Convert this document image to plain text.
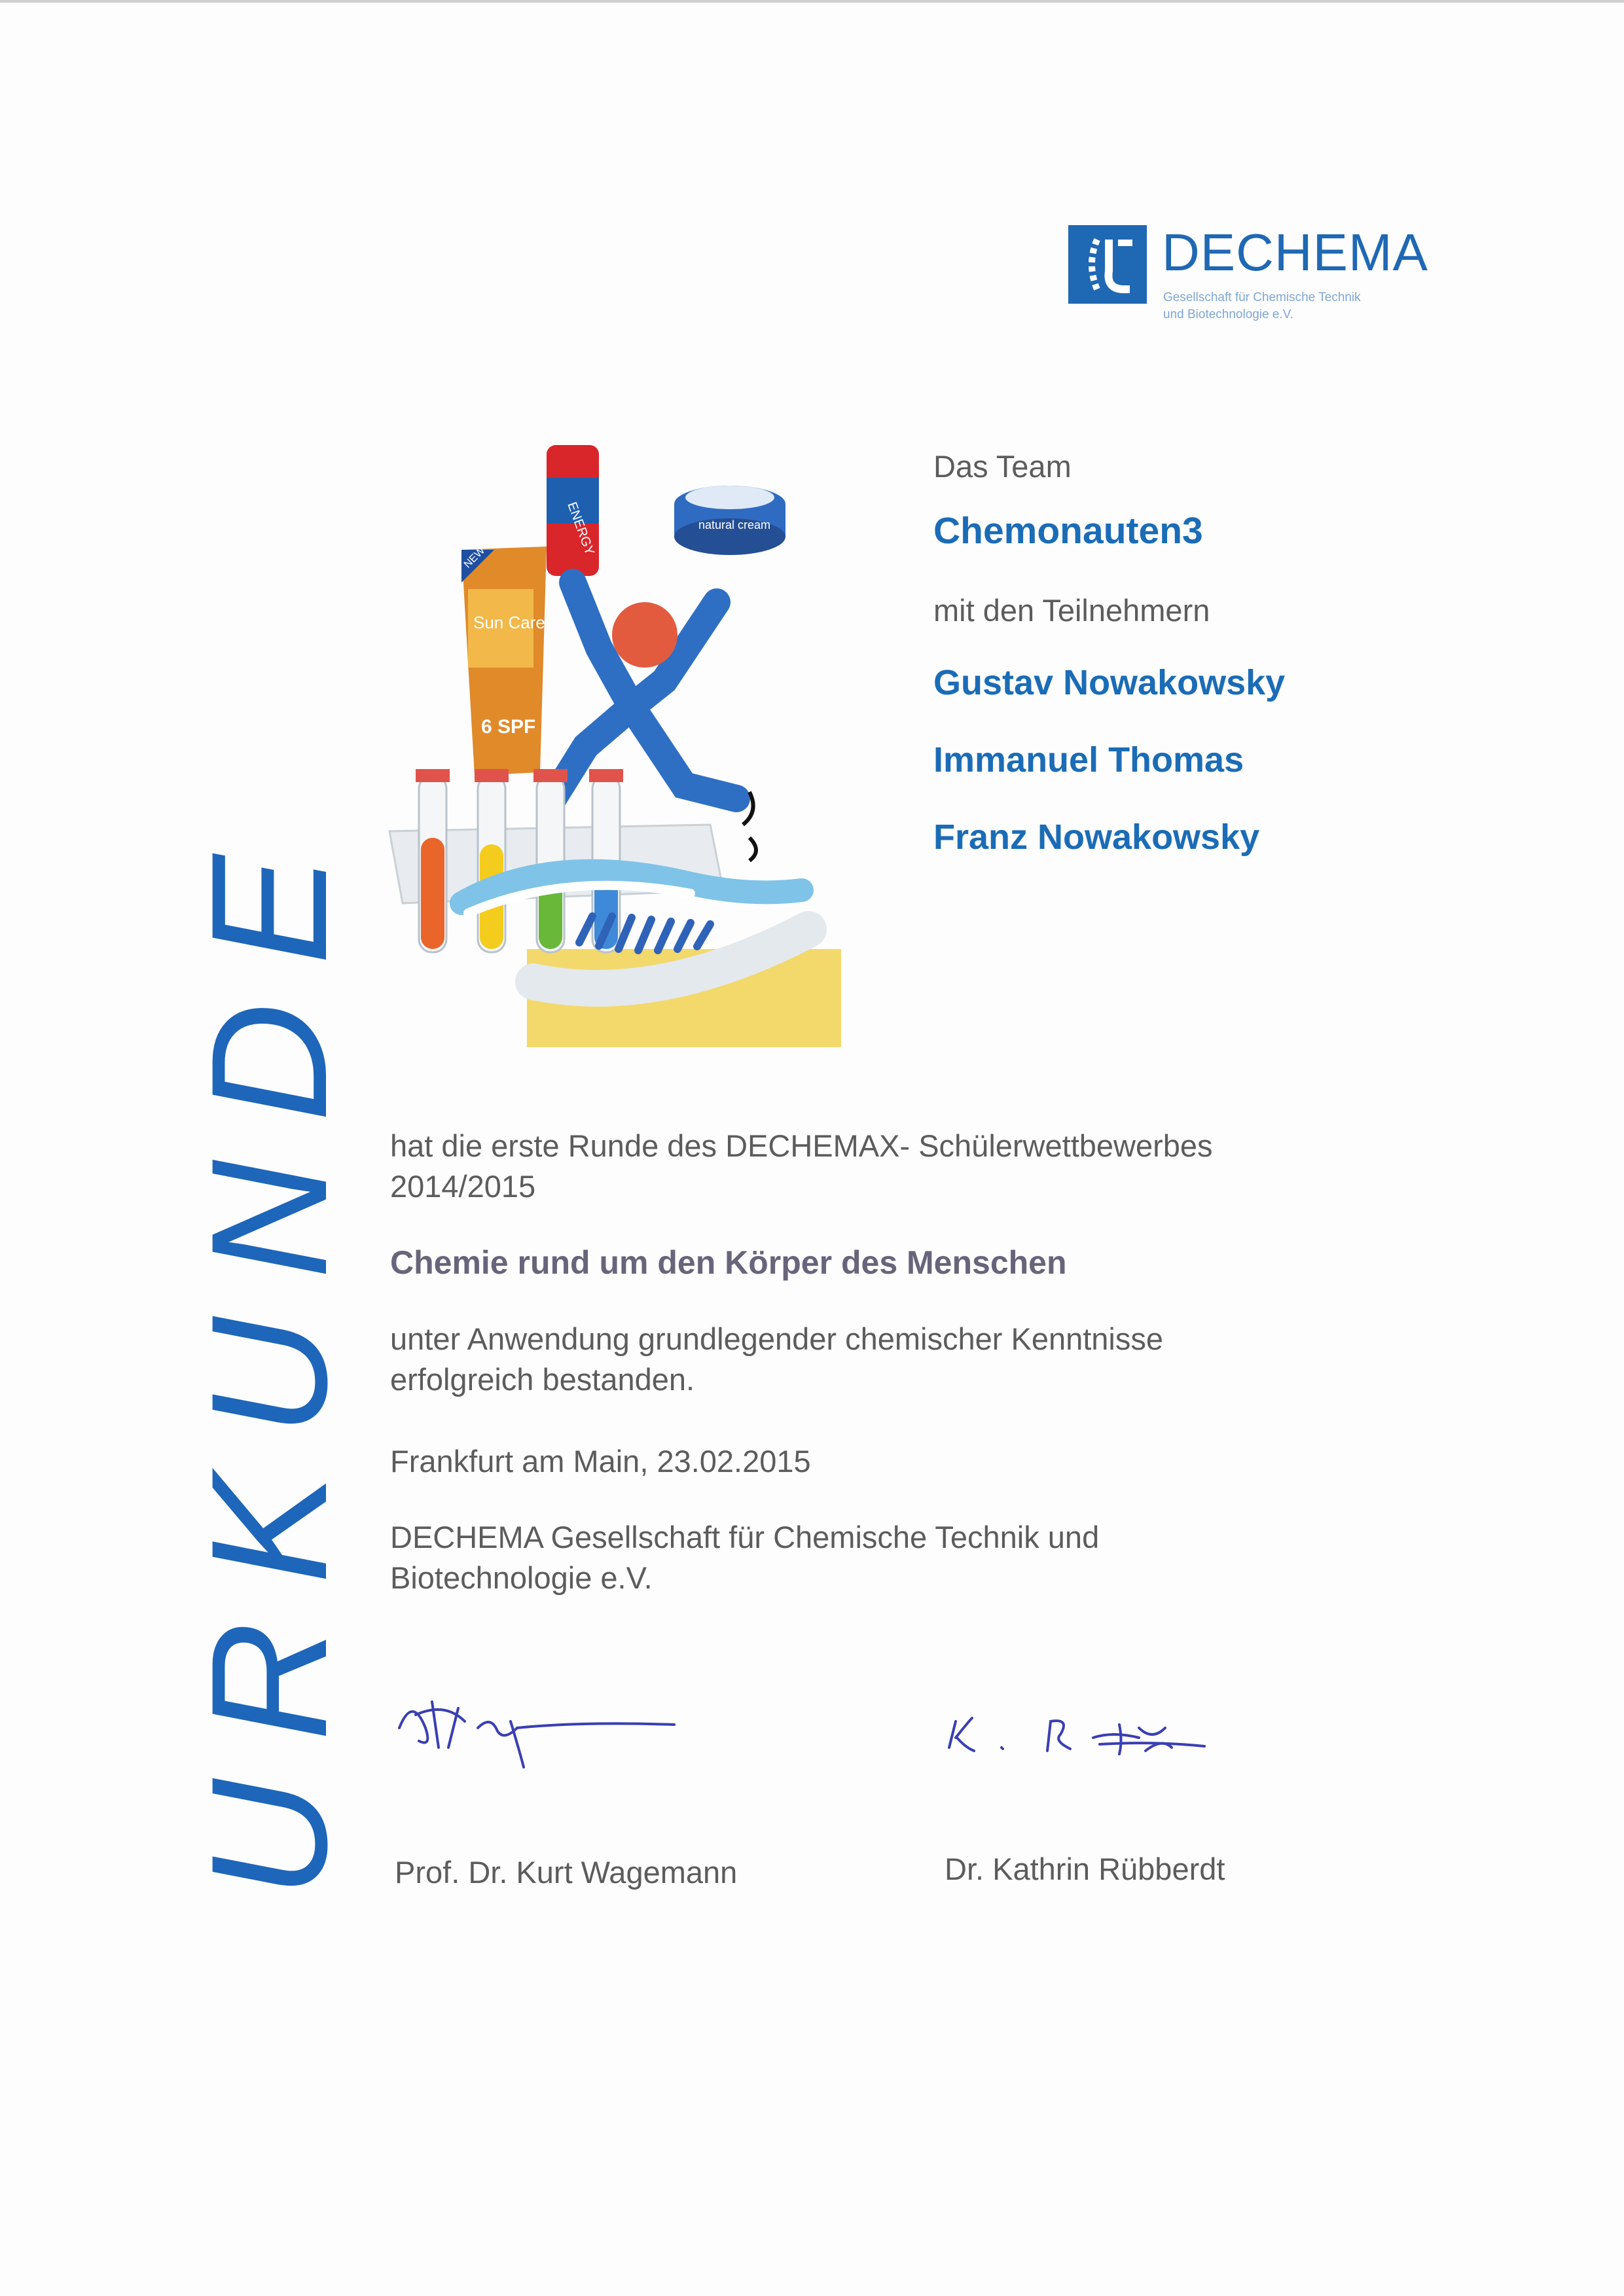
DECHEMA
Gesellschaft für Chemische Technik
und Biotechnologie e.V.
URKUNDE
Sun Care
6 SPF
NEW
ENERGY	natural cream
Das Team
Chemonauten3
mit den Teilnehmern
Gustav Nowakowsky
Immanuel Thomas
Franz Nowakowsky
hat die erste Runde des DECHEMAX- Schülerwettbewerbes
2014/2015
Chemie rund um den Körper des Menschen
unter Anwendung grundlegender chemischer Kenntnisse
erfolgreich bestanden.
Frankfurt am Main, 23.02.2015
DECHEMA Gesellschaft für Chemische Technik und
Biotechnologie e.V.
Prof. Dr. Kurt Wagemann	Dr. Kathrin Rübberdt
